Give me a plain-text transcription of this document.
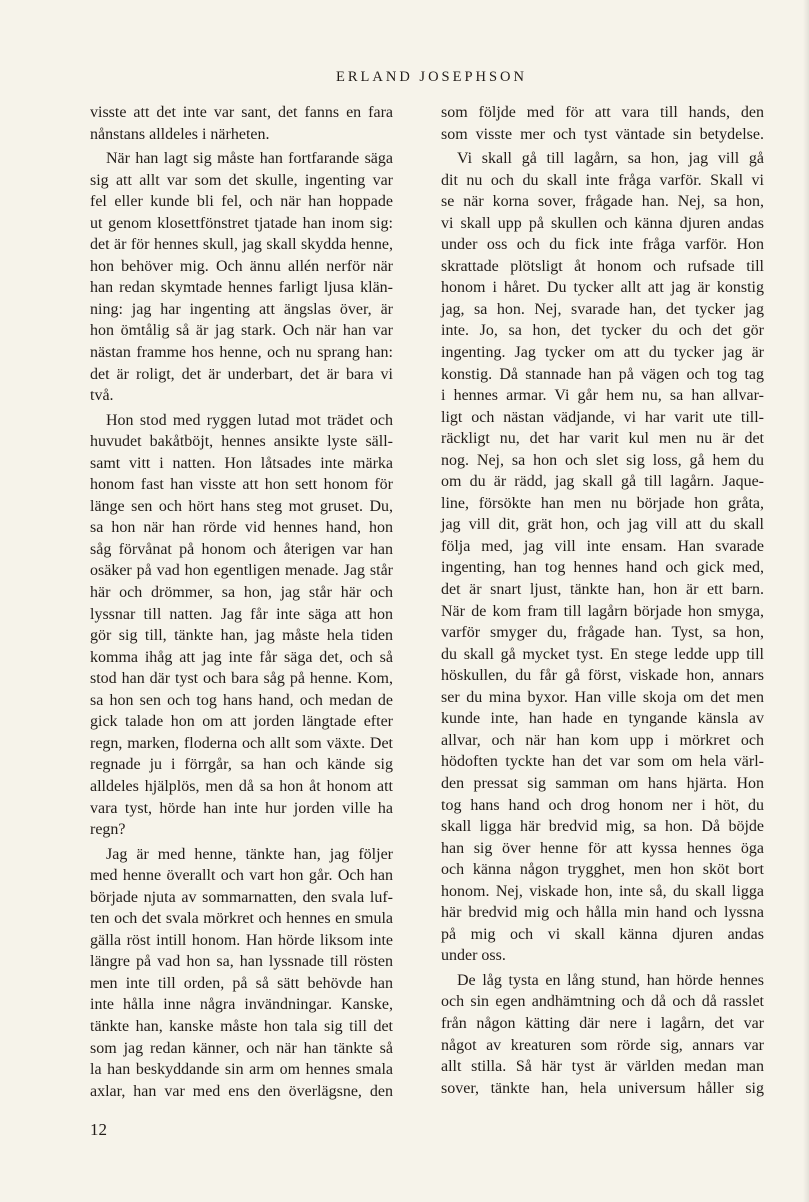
ERLAND JOSEPHSON
visste att det inte var sant, det fanns en fara
nånstans alldeles i närheten.
När han lagt sig måste han fortfarande säga
sig att allt var som det skulle, ingenting var
fel eller kunde bli fel, och när han hoppade
ut genom klosettfönstret tjatade han inom sig:
det är för hennes skull, jag skall skydda henne,
hon behöver mig. Och ännu allén nerför när
han redan skymtade hennes farligt ljusa klän-
ning: jag har ingenting att ängslas över, är
hon ömtålig så är jag stark. Och när han var
nästan framme hos henne, och nu sprang han:
det är roligt, det är underbart, det är bara vi
två.
Hon stod med ryggen lutad mot trädet och
huvudet bakåtböjt, hennes ansikte lyste säll-
samt vitt i natten. Hon låtsades inte märka
honom fast han visste att hon sett honom för
länge sen och hört hans steg mot gruset. Du,
sa hon när han rörde vid hennes hand, hon
såg förvånat på honom och återigen var han
osäker på vad hon egentligen menade. Jag står
här och drömmer, sa hon, jag står här och
lyssnar till natten. Jag får inte säga att hon
gör sig till, tänkte han, jag måste hela tiden
komma ihåg att jag inte får säga det, och så
stod han där tyst och bara såg på henne. Kom,
sa hon sen och tog hans hand, och medan de
gick talade hon om att jorden längtade efter
regn, marken, floderna och allt som växte. Det
regnade ju i förrgår, sa han och kände sig
alldeles hjälplös, men då sa hon åt honom att
vara tyst, hörde han inte hur jorden ville ha
regn?
Jag är med henne, tänkte han, jag följer
med henne överallt och vart hon går. Och han
började njuta av sommarnatten, den svala luf-
ten och det svala mörkret och hennes en smula
gälla röst intill honom. Han hörde liksom inte
längre på vad hon sa, han lyssnade till rösten
men inte till orden, på så sätt behövde han
inte hålla inne några invändningar. Kanske,
tänkte han, kanske måste hon tala sig till det
som jag redan känner, och när han tänkte så
la han beskyddande sin arm om hennes smala
axlar, han var med ens den överlägsne, den
som följde med för att vara till hands, den
som visste mer och tyst väntade sin betydelse.
Vi skall gå till lagårn, sa hon, jag vill gå
dit nu och du skall inte fråga varför. Skall vi
se när korna sover, frågade han. Nej, sa hon,
vi skall upp på skullen och känna djuren andas
under oss och du fick inte fråga varför. Hon
skrattade plötsligt åt honom och rufsade till
honom i håret. Du tycker allt att jag är konstig
jag, sa hon. Nej, svarade han, det tycker jag
inte. Jo, sa hon, det tycker du och det gör
ingenting. Jag tycker om att du tycker jag är
konstig. Då stannade han på vägen och tog tag
i hennes armar. Vi går hem nu, sa han allvar-
ligt och nästan vädjande, vi har varit ute till-
räckligt nu, det har varit kul men nu är det
nog. Nej, sa hon och slet sig loss, gå hem du
om du är rädd, jag skall gå till lagårn. Jaque-
line, försökte han men nu började hon gråta,
jag vill dit, grät hon, och jag vill att du skall
följa med, jag vill inte ensam. Han svarade
ingenting, han tog hennes hand och gick med,
det är snart ljust, tänkte han, hon är ett barn.
När de kom fram till lagårn började hon smyga,
varför smyger du, frågade han. Tyst, sa hon,
du skall gå mycket tyst. En stege ledde upp till
höskullen, du får gå först, viskade hon, annars
ser du mina byxor. Han ville skoja om det men
kunde inte, han hade en tyngande känsla av
allvar, och när han kom upp i mörkret och
hödoften tyckte han det var som om hela värl-
den pressat sig samman om hans hjärta. Hon
tog hans hand och drog honom ner i höt, du
skall ligga här bredvid mig, sa hon. Då böjde
han sig över henne för att kyssa hennes öga
och känna någon trygghet, men hon sköt bort
honom. Nej, viskade hon, inte så, du skall ligga
här bredvid mig och hålla min hand och lyssna
på mig och vi skall känna djuren andas
under oss.
De låg tysta en lång stund, han hörde hennes
och sin egen andhämtning och då och då rasslet
från någon kätting där nere i lagårn, det var
något av kreaturen som rörde sig, annars var
allt stilla. Så här tyst är världen medan man
sover, tänkte han, hela universum håller sig
12
